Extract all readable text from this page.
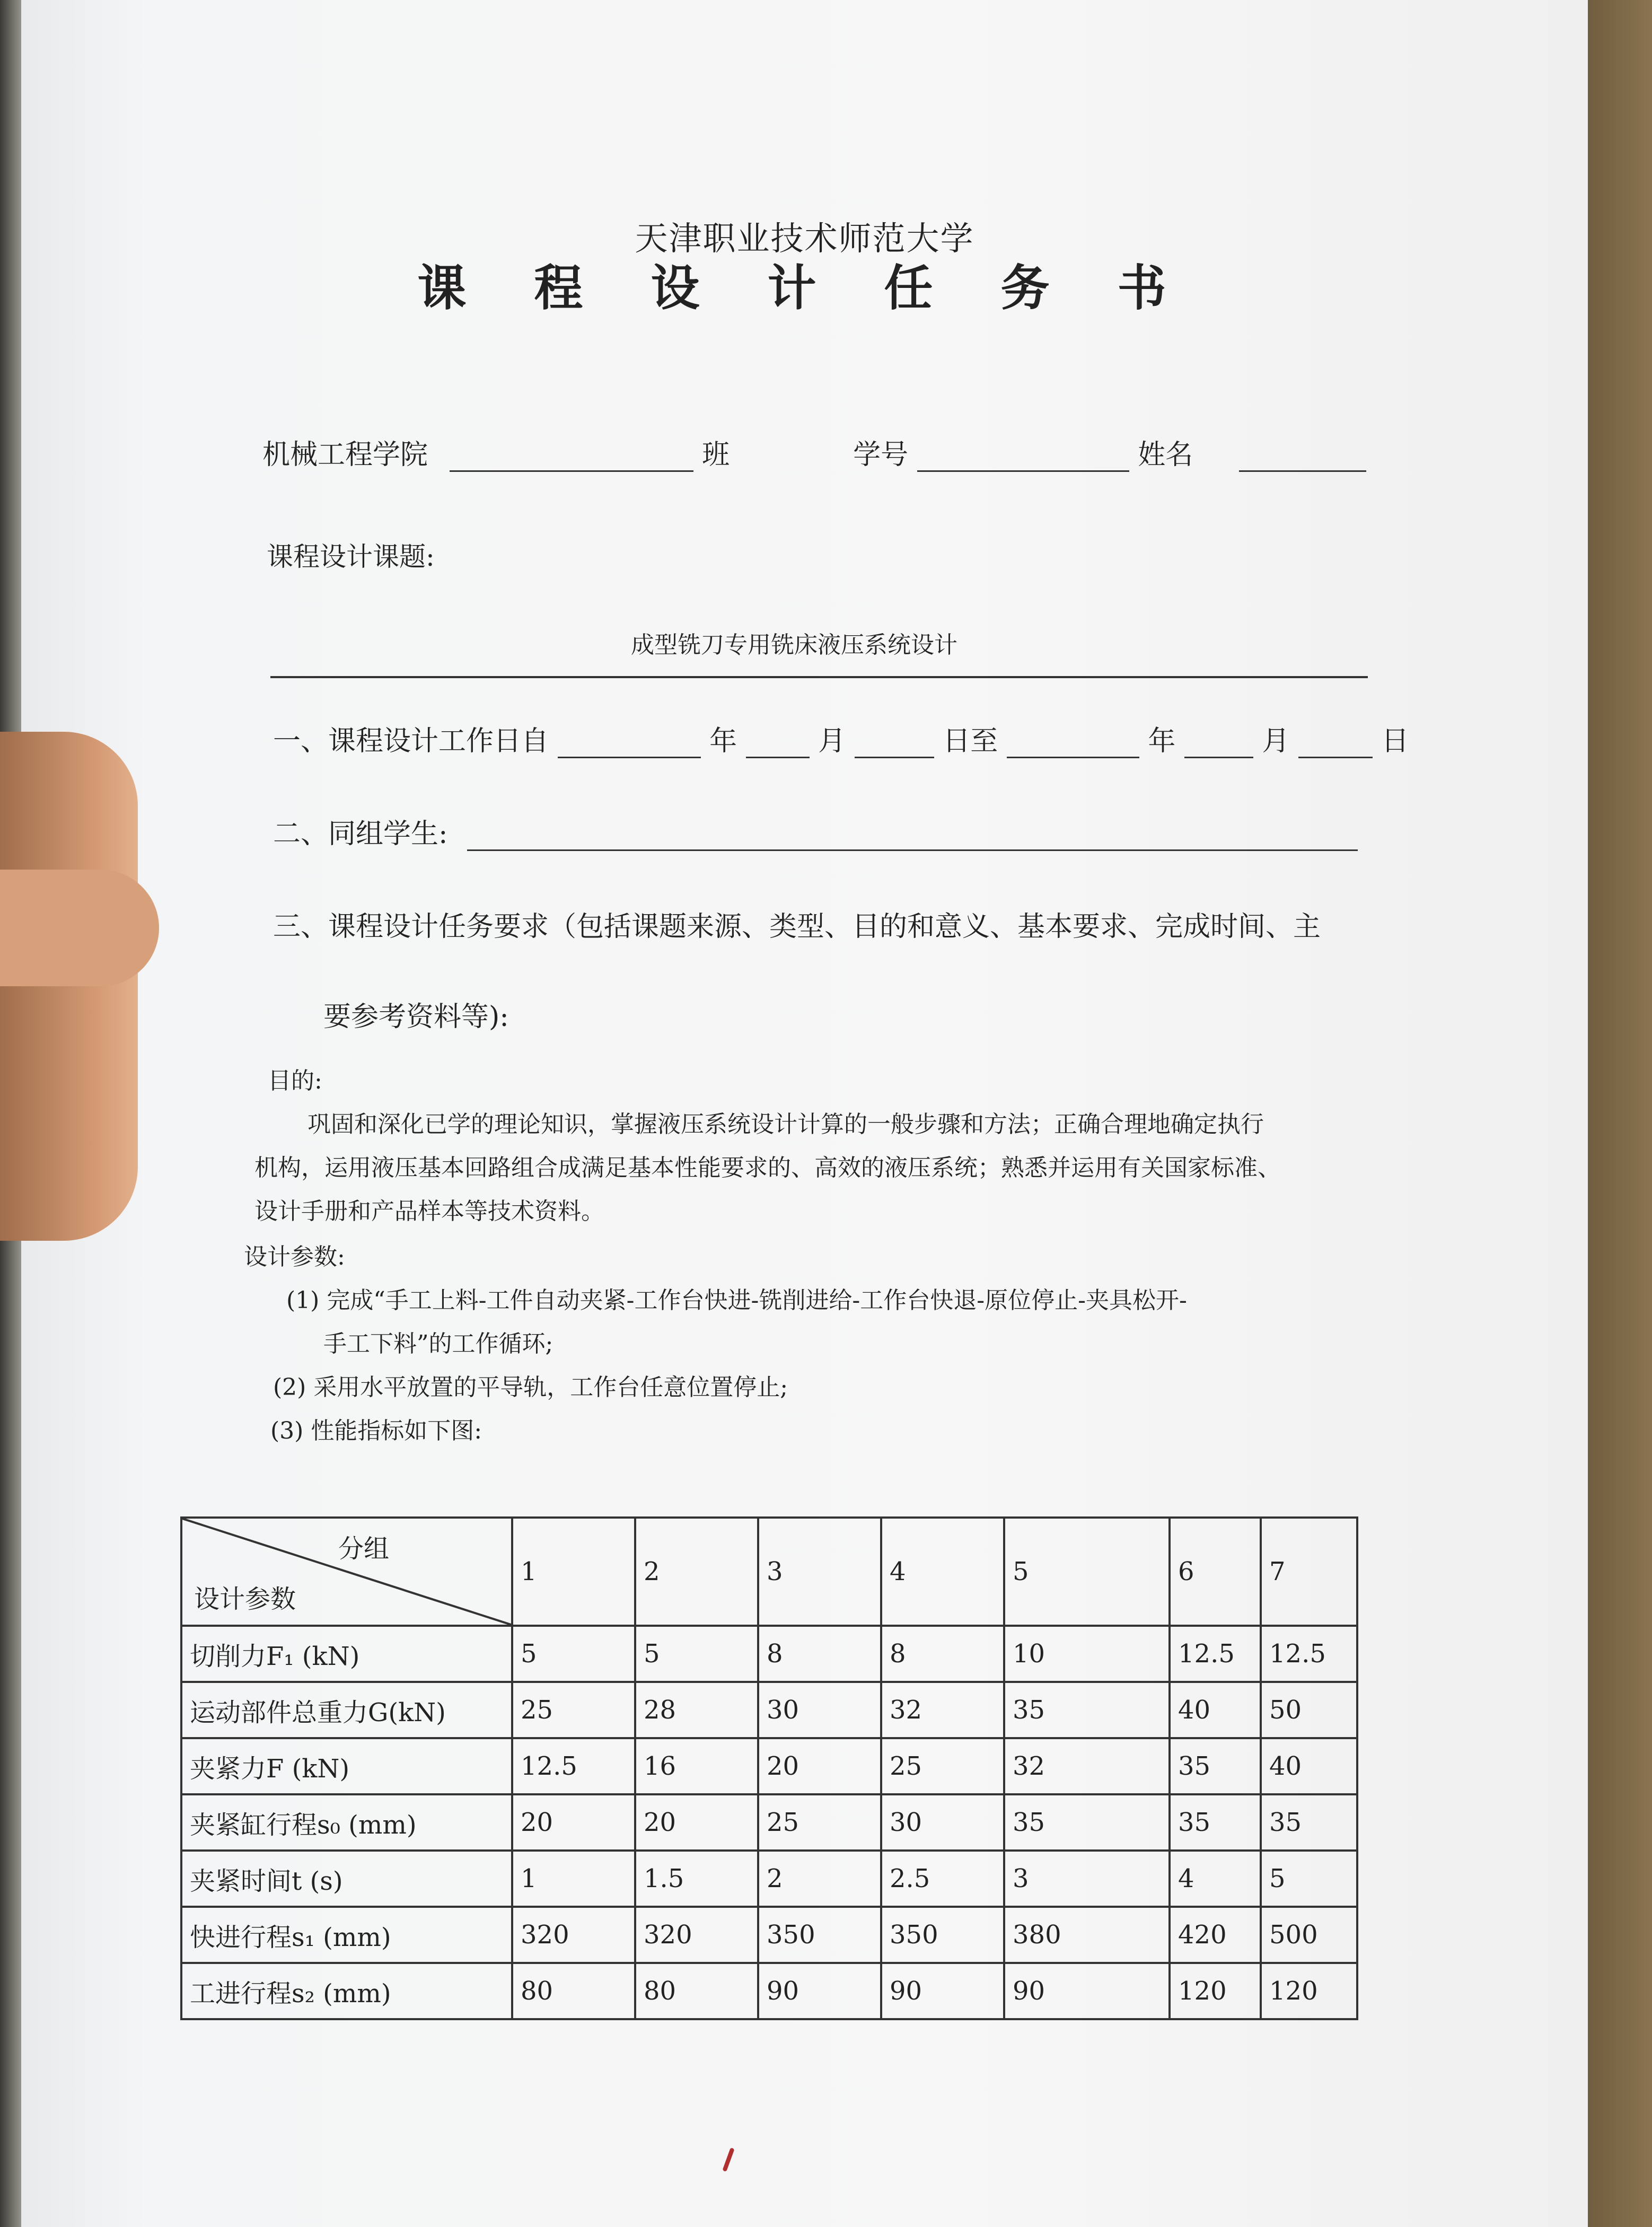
天津职业技术师范大学
课 程 设 计 任 务 书
机械工程学院	班	学号	姓名
课程设计课题:
成型铣刀专用铣床液压系统设计
一、课程设计工作日自	年	月	日至	年	月	日
二、同组学生:
三、课程设计任务要求（包括课题来源、类型、目的和意义、基本要求、完成时间、主
要参考资料等):
目的:
巩固和深化已学的理论知识，掌握液压系统设计计算的一般步骤和方法；正确合理地确定执行
机构，运用液压基本回路组合成满足基本性能要求的、高效的液压系统；熟悉并运用有关国家标准、
设计手册和产品样本等技术资料。
设计参数:
(1) 完成“手工上料-工件自动夹紧-工作台快进-铣削进给-工作台快退-原位停止-夹具松开-
手工下料”的工作循环;
(2) 采用水平放置的平导轨，工作台任意位置停止;
(3) 性能指标如下图:
分组
设计参数	1	2	3	4	5	6	7
切削力F₁ (kN)	5	5	8	8	10	12.5	12.5
运动部件总重力G(kN)	25	28	30	32	35	40	50
夹紧力F (kN)	12.5	16	20	25	32	35	40
夹紧缸行程s₀ (mm)	20	20	25	30	35	35	35
夹紧时间t (s)	1	1.5	2	2.5	3	4	5
快进行程s₁ (mm)	320	320	350	350	380	420	500
工进行程s₂ (mm)	80	80	90	90	90	120	120
